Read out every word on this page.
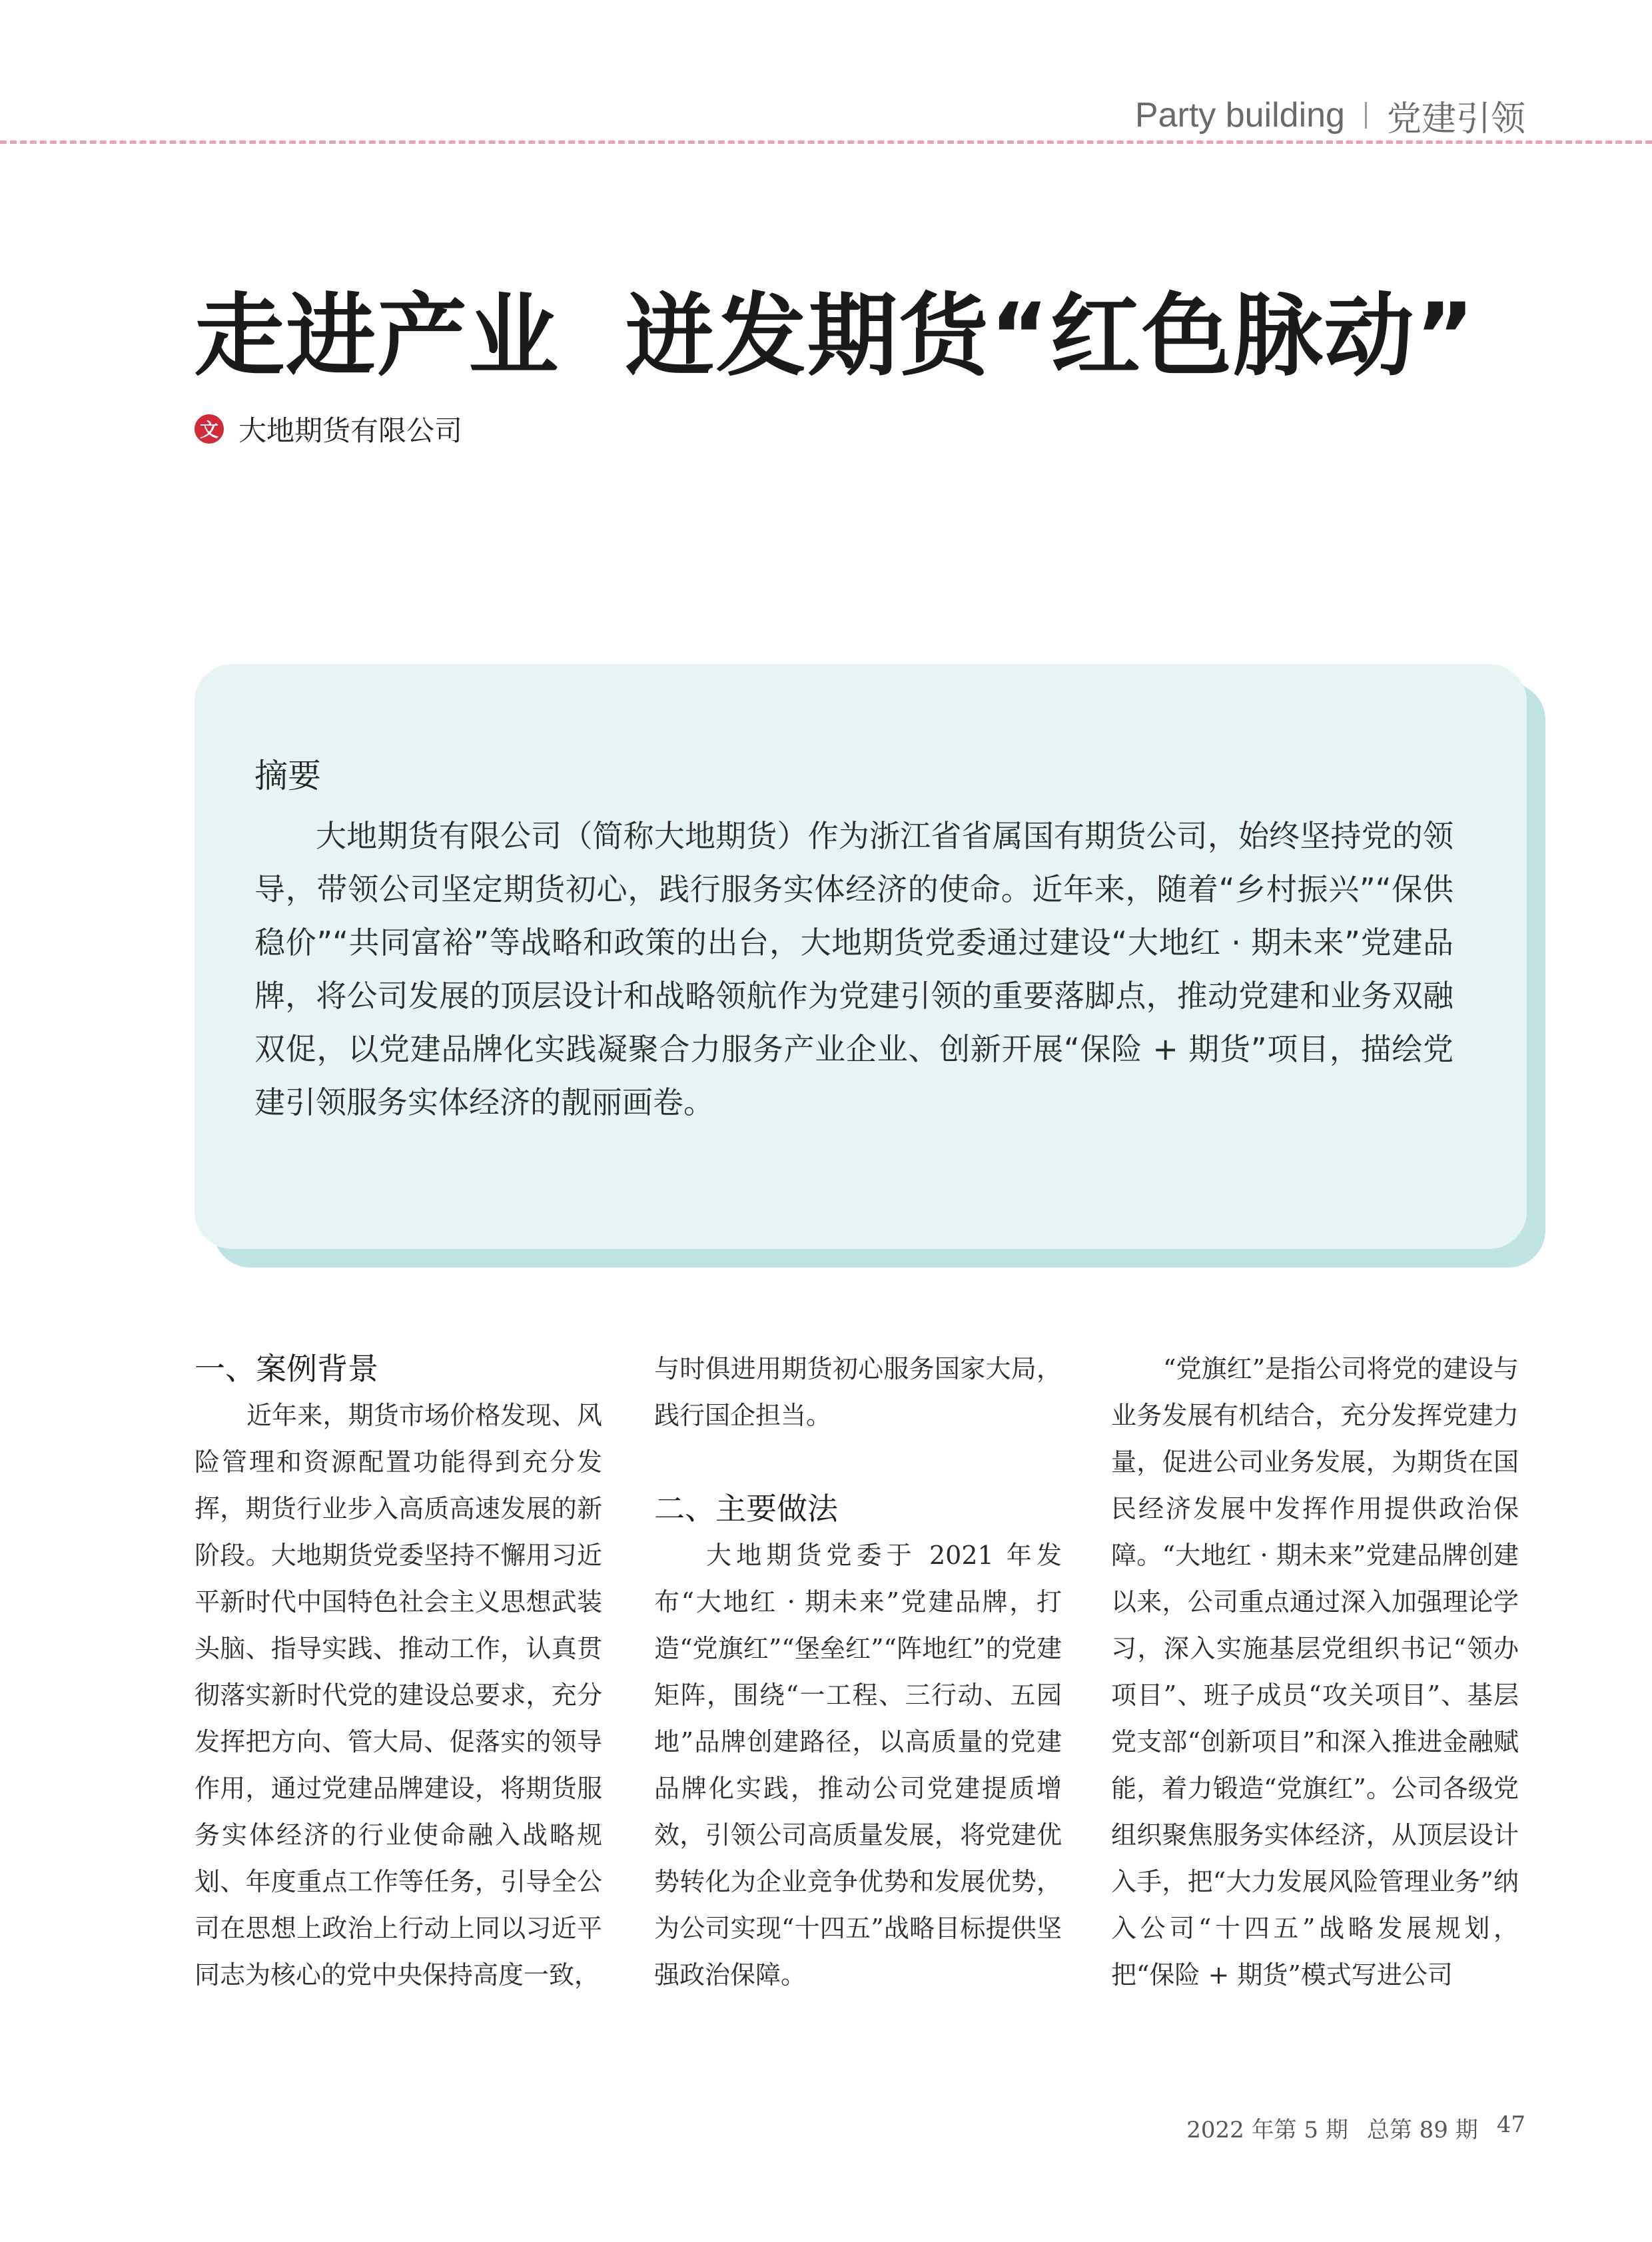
Party building 党建引领
走进产业  迸发期货“红色脉动”
文 大地期货有限公司
摘要
大地期货有限公司（简称大地期货）作为浙江省省属国有期货公司，始终坚持党的领导，带领公司坚定期货初心，践行服务实体经济的使命。近年来，随着“乡村振兴”“保供稳价”“共同富裕”等战略和政策的出台，大地期货党委通过建设“大地红 · 期未来”党建品牌，将公司发展的顶层设计和战略领航作为党建引领的重要落脚点，推动党建和业务双融双促，以党建品牌化实践凝聚合力服务产业企业、创新开展“保险 + 期货”项目，描绘党建引领服务实体经济的靓丽画卷。
一、案例背景

近年来，期货市场价格发现、风险管理和资源配置功能得到充分发挥，期货行业步入高质高速发展的新阶段。大地期货党委坚持不懈用习近平新时代中国特色社会主义思想武装头脑、指导实践、推动工作，认真贯彻落实新时代党的建设总要求，充分发挥把方向、管大局、促落实的领导作用，通过党建品牌建设，将期货服务实体经济的行业使命融入战略规划、年度重点工作等任务，引导全公司在思想上政治上行动上同以习近平同志为核心的党中央保持高度一致，

与时俱进用期货初心服务国家大局，践行国企担当。

二、主要做法

大地期货党委于 2021 年发布“大地红 · 期未来”党建品牌，打造“党旗红”“堡垒红”“阵地红”的党建矩阵，围绕“一工程、三行动、五园地”品牌创建路径，以高质量的党建品牌化实践，推动公司党建提质增效，引领公司高质量发展，将党建优势转化为企业竞争优势和发展优势，为公司实现“十四五”战略目标提供坚强政治保障。

“党旗红”是指公司将党的建设与业务发展有机结合，充分发挥党建力量，促进公司业务发展，为期货在国民经济发展中发挥作用提供政治保障。“大地红 · 期未来”党建品牌创建以来，公司重点通过深入加强理论学习，深入实施基层党组织书记“领办项目”、班子成员“攻关项目”、基层党支部“创新项目”和深入推进金融赋能，着力锻造“党旗红”。公司各级党组织聚焦服务实体经济，从顶层设计入手，把“大力发展风险管理业务”纳入公司“十四五”战略发展规划，把“保险 + 期货”模式写进公司

2022 年第 5 期 总第 89 期 47
